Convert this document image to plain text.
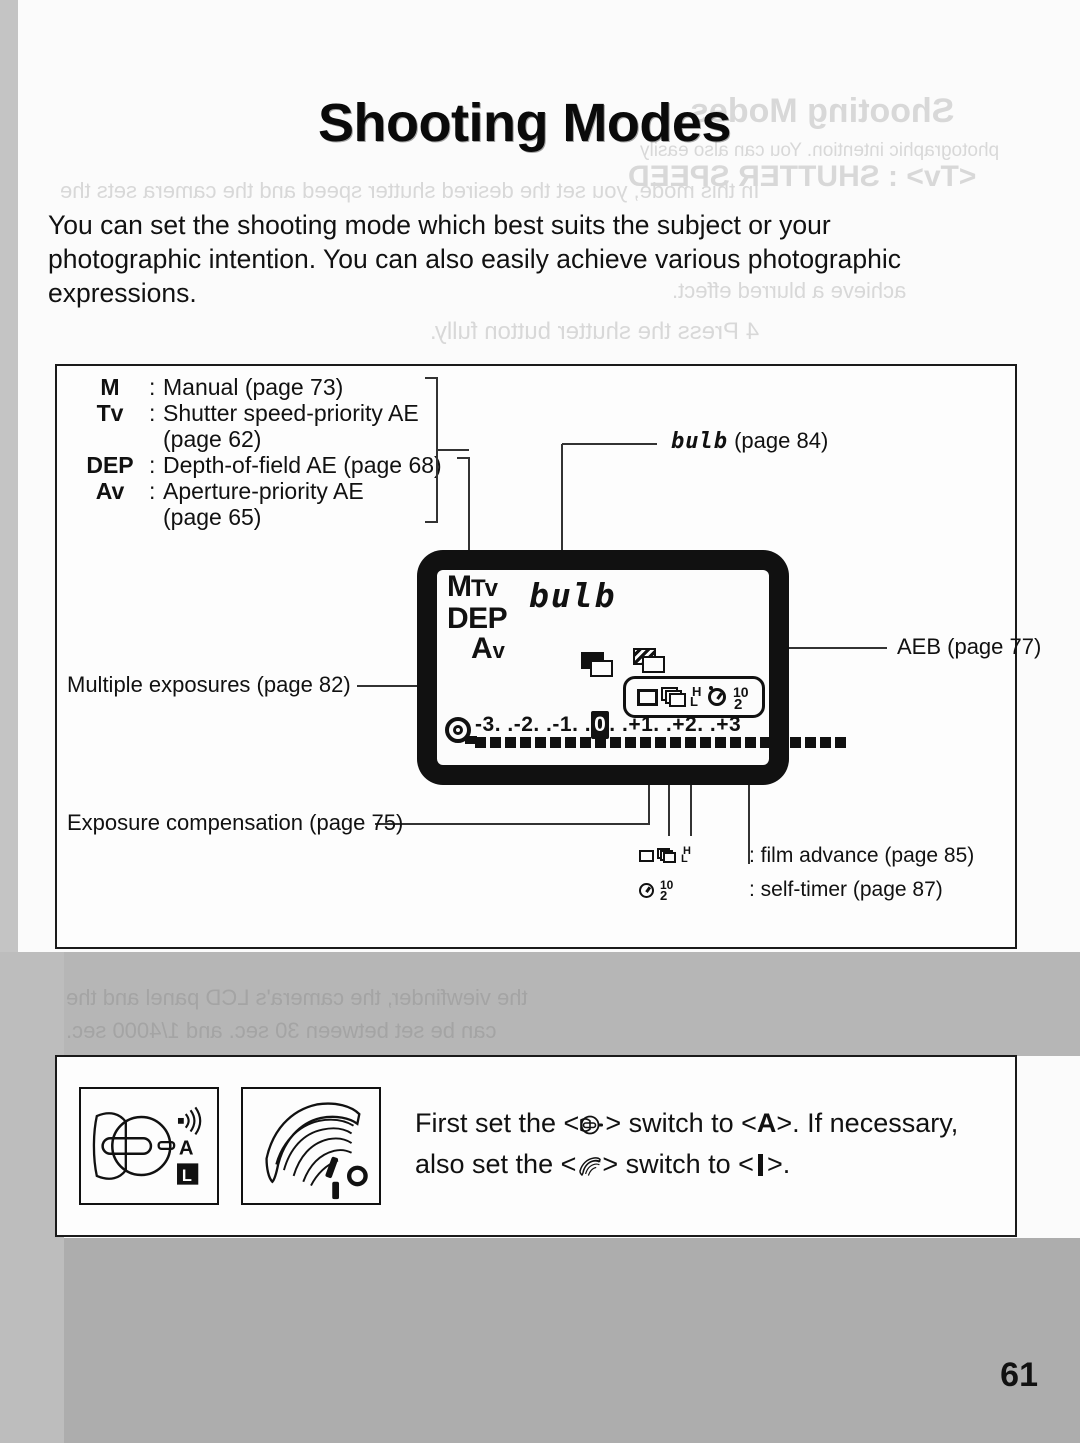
Shooting Modes
photographic intention. You can also easily
<Tv> : SHUTTER SPEED
In this mode, you set the desired shutter speed and the camera sets the
achieve a blurred effect.
4 Press the shutter button fully.
the viewfinder, the camera's LCD panel and the
can be set between 30 sec. and 1/4000 sec.
Shooting Modes
You can set the shooting mode which best suits the subject or your
photographic intention. You can also easily achieve various photographic
expressions.
M	: Manual (page 73)
Tv	: Shutter speed-priority AE
(page 62)
DEP : Depth-of-field AE (page 68)
Av	: Aperture-priority AE
(page 65)
MTv
DEP
Av
bulb
H
L
10
2
-3. .-2. .-1. . 0 . .+1. .+2. .+3
bulb (page 84)
AEB (page 77)
Multiple exposures (page 82)
Exposure compensation (page 75)
H
L	: film advance (page 85)
10
2	: self-timer (page 87)
A
L
First set the < > switch to <A>. If necessary, also set the < > switch to < >.
61
